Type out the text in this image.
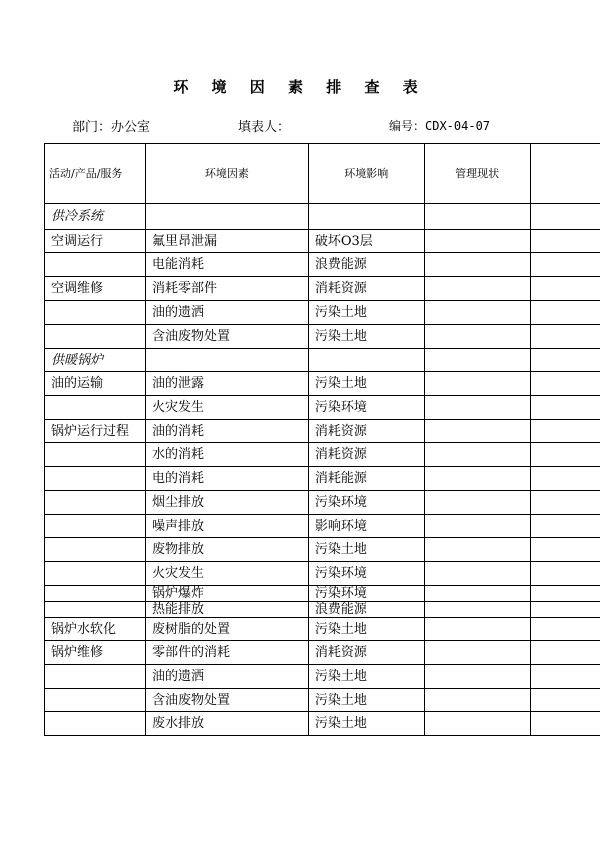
环 境 因 素 排 查 表
部门：办公室	填表人：	编号：CDX-04-07
活动/产品/服务	环境因素	环境影响	管理现状	
供冷系统				
空调运行	氟里昂泄漏	破坏O3层		
	电能消耗	浪费能源		
空调维修	消耗零部件	消耗资源		
	油的遗洒	污染土地		
	含油废物处置	污染土地		
供暖锅炉				
油的运输	油的泄露	污染土地		
	火灾发生	污染环境		
锅炉运行过程	油的消耗	消耗资源		
	水的消耗	消耗资源		
	电的消耗	消耗能源		
	烟尘排放	污染环境		
	噪声排放	影响环境		
	废物排放	污染土地		
	火灾发生	污染环境		
	锅炉爆炸	污染环境		
	热能排放	浪费能源		
锅炉水软化	废树脂的处置	污染土地		
锅炉维修	零部件的消耗	消耗资源		
	油的遗洒	污染土地		
	含油废物处置	污染土地		
	废水排放	污染土地		
